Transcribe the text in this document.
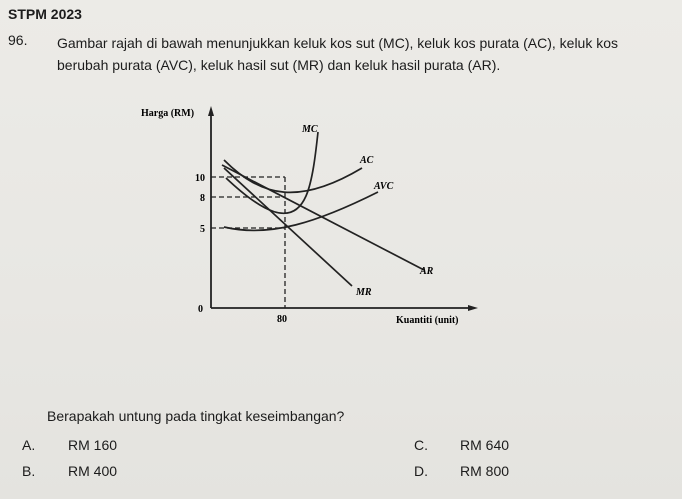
STPM 2023
96. Gambar rajah di bawah menunjukkan keluk kos sut (MC), keluk kos purata (AC), keluk kos berubah purata (AVC), keluk hasil sut (MR) dan keluk hasil purata (AR).
Harga (RM)
Kuantiti (unit)
0
10
8
5
80
MC
AC
AVC
AR
MR
Berapakah untung pada tingkat keseimbangan?
A. RM 160
B. RM 400
C. RM 640
D. RM 800
